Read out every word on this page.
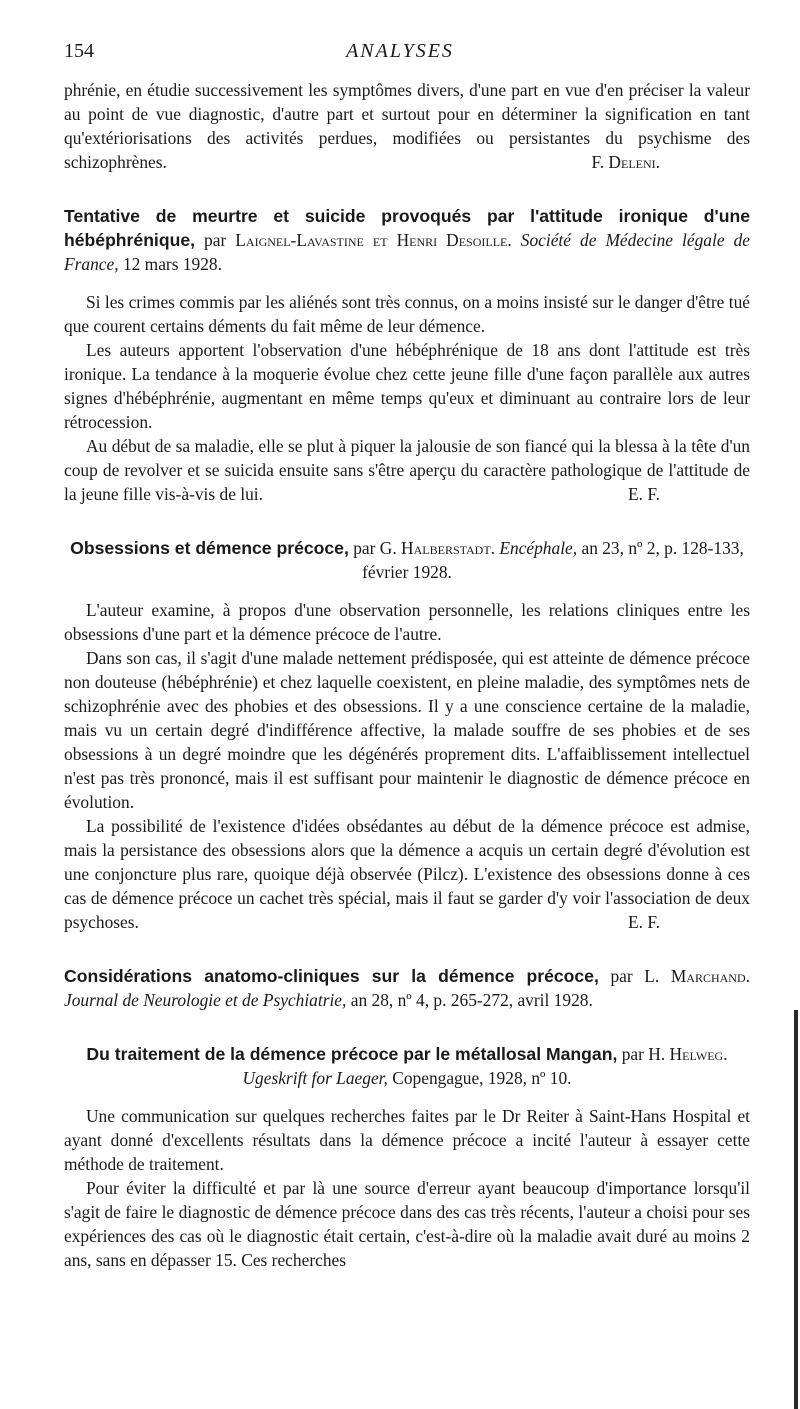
154	ANALYSES

phrénie, en étudie successivement les symptômes divers, d'une part en vue d'en préciser la valeur au point de vue diagnostic, d'autre part et surtout pour en déterminer la signification en tant qu'extériorisations des activités perdues, modifiées ou persistantes du psychisme des schizophrènes.	F. Deleni.

Tentative de meurtre et suicide provoqués par l'attitude ironique d'une hébéphrénique, par Laignel-Lavastine et Henri Desoille. Société de Médecine légale de France, 12 mars 1928.

Si les crimes commis par les aliénés sont très connus, on a moins insisté sur le danger d'être tué que courent certains déments du fait même de leur démence.

Les auteurs apportent l'observation d'une hébéphrénique de 18 ans dont l'attitude est très ironique. La tendance à la moquerie évolue chez cette jeune fille d'une façon parallèle aux autres signes d'hébéphrénie, augmentant en même temps qu'eux et diminuant au contraire lors de leur rétrocession.

Au début de sa maladie, elle se plut à piquer la jalousie de son fiancé qui la blessa à la tête d'un coup de revolver et se suicida ensuite sans s'être aperçu du caractère pathologique de l'attitude de la jeune fille vis-à-vis de lui.	E. F.

Obsessions et démence précoce, par G. Halberstadt. Encéphale, an 23, nº 2, p. 128-133, février 1928.

L'auteur examine, à propos d'une observation personnelle, les relations cliniques entre les obsessions d'une part et la démence précoce de l'autre.

Dans son cas, il s'agit d'une malade nettement prédisposée, qui est atteinte de démence précoce non douteuse (hébéphrénie) et chez laquelle coexistent, en pleine maladie, des symptômes nets de schizophrénie avec des phobies et des obsessions. Il y a une conscience certaine de la maladie, mais vu un certain degré d'indifférence affective, la malade souffre de ses phobies et de ses obsessions à un degré moindre que les dégénérés proprement dits. L'affaiblissement intellectuel n'est pas très prononcé, mais il est suffisant pour maintenir le diagnostic de démence précoce en évolution.

La possibilité de l'existence d'idées obsédantes au début de la démence précoce est admise, mais la persistance des obsessions alors que la démence a acquis un certain degré d'évolution est une conjoncture plus rare, quoique déjà observée (Pilcz). L'existence des obsessions donne à ces cas de démence précoce un cachet très spécial, mais il faut se garder d'y voir l'association de deux psychoses.	E. F.

Considérations anatomo-cliniques sur la démence précoce, par L. Marchand. Journal de Neurologie et de Psychiatrie, an 28, nº 4, p. 265-272, avril 1928.

Du traitement de la démence précoce par le métallosal Mangan, par H. Helweg. Ugeskrift for Laeger, Copengague, 1928, nº 10.

Une communication sur quelques recherches faites par le Dr Reiter à Saint-Hans Hospital et ayant donné d'excellents résultats dans la démence précoce a incité l'auteur à essayer cette méthode de traitement.

Pour éviter la difficulté et par là une source d'erreur ayant beaucoup d'importance lorsqu'il s'agit de faire le diagnostic de démence précoce dans des cas très récents, l'auteur a choisi pour ses expériences des cas où le diagnostic était certain, c'est-à-dire où la maladie avait duré au moins 2 ans, sans en dépasser 15. Ces recherches
